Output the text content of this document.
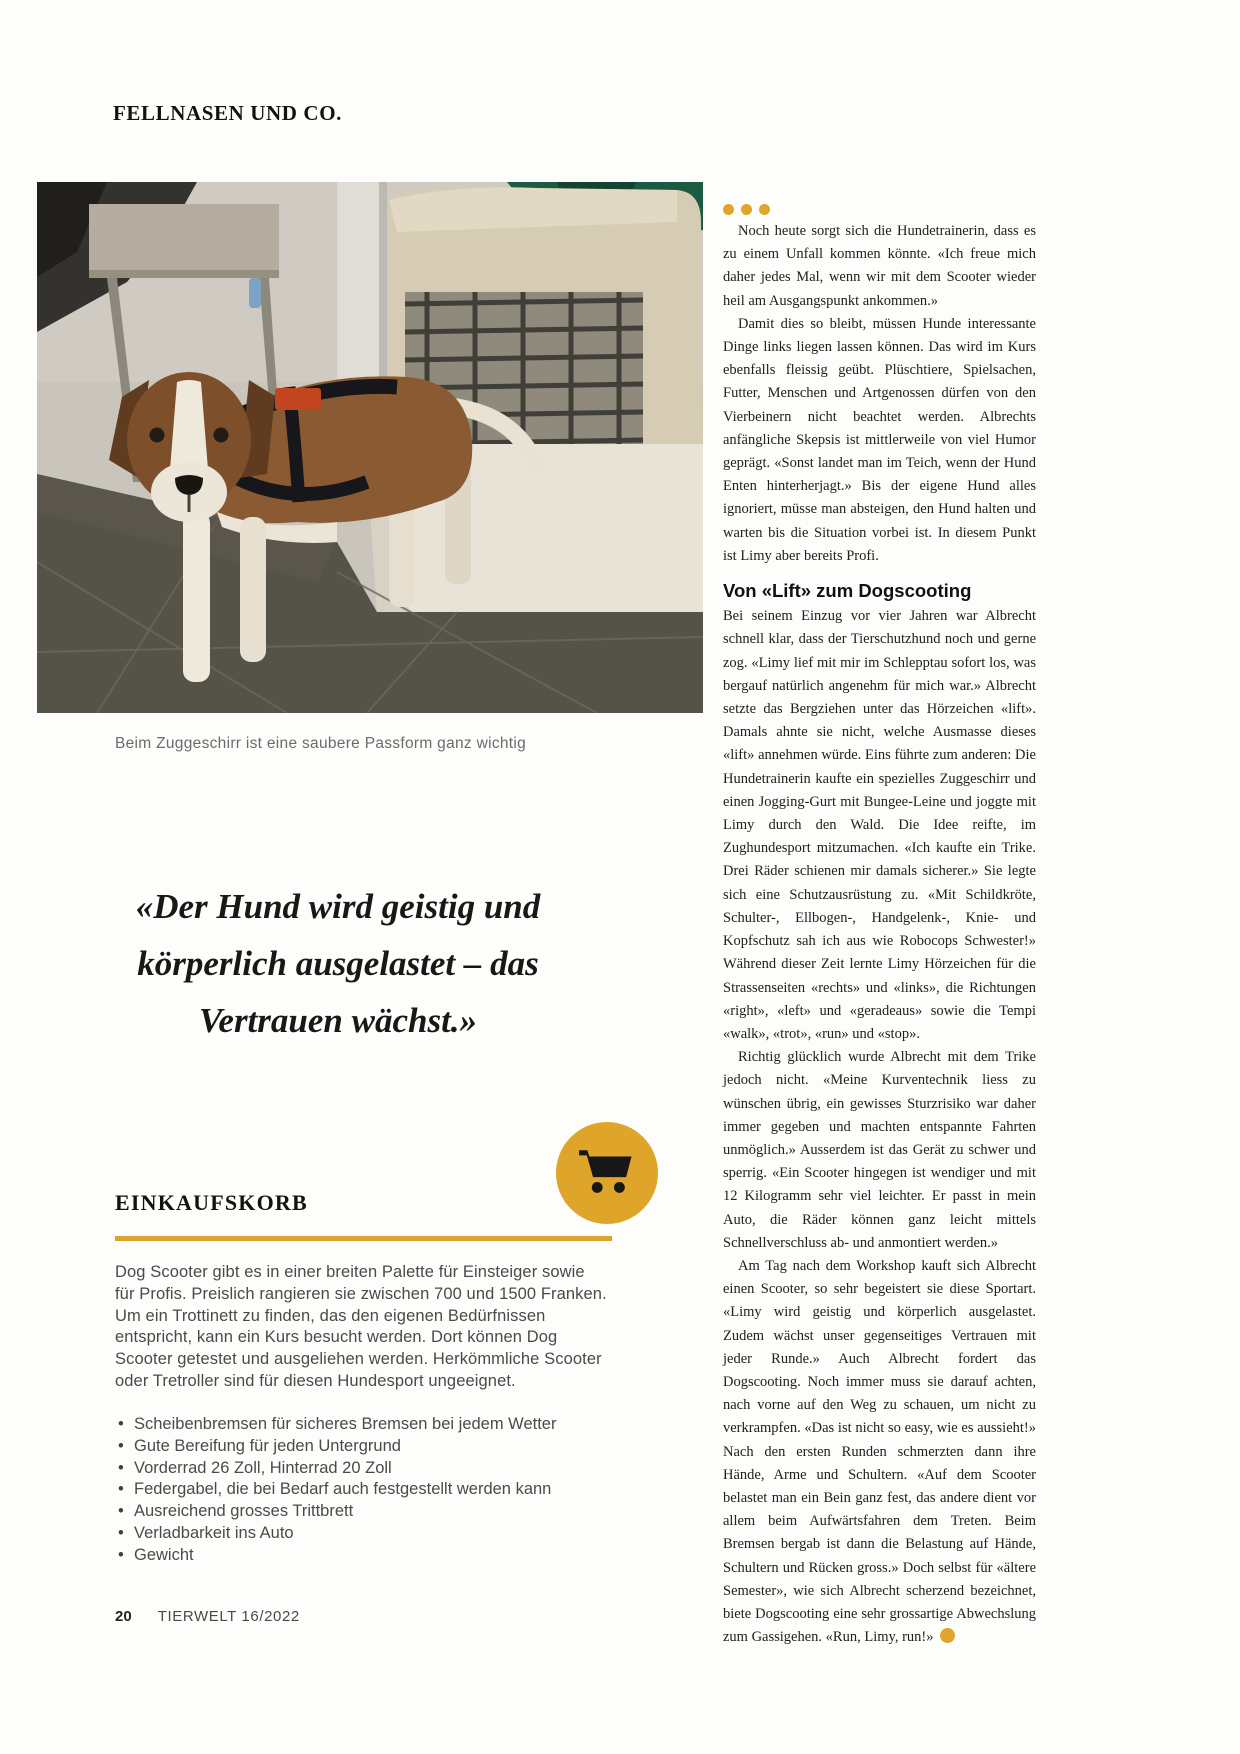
FELLNASEN UND CO.
Beim Zuggeschirr ist eine saubere Passform ganz wichtig
«Der Hund wird geistig und körperlich ausgelastet – das Vertrauen wächst.»
EINKAUFSKORB

Dog Scooter gibt es in einer breiten Palette für Einsteiger sowie für Profis. Preislich rangieren sie zwischen 700 und 1500 Franken. Um ein Trottinett zu finden, das den eigenen Bedürfnissen entspricht, kann ein Kurs besucht werden. Dort können Dog Scooter getestet und ausgeliehen werden. Herkömmliche Scooter oder Tretroller sind für diesen Hundesport ungeeignet.

• Scheibenbremsen für sicheres Bremsen bei jedem Wetter
• Gute Bereifung für jeden Untergrund
• Vorderrad 26 Zoll, Hinterrad 20 Zoll
• Federgabel, die bei Bedarf auch festgestellt werden kann
• Ausreichend grosses Trittbrett
• Verladbarkeit ins Auto
• Gewicht
20 TIERWELT 16/2022

Noch heute sorgt sich die Hundetrainerin, dass es zu einem Unfall kommen könnte. «Ich freue mich daher jedes Mal, wenn wir mit dem Scooter wieder heil am Ausgangspunkt ankommen.»

Damit dies so bleibt, müssen Hunde interessante Dinge links liegen lassen können. Das wird im Kurs ebenfalls fleissig geübt. Plüschtiere, Spielsachen, Futter, Menschen und Artgenossen dürfen von den Vierbeinern nicht beachtet werden. Albrechts anfängliche Skepsis ist mittlerweile von viel Humor geprägt. «Sonst landet man im Teich, wenn der Hund Enten hinterherjagt.» Bis der eigene Hund alles ignoriert, müsse man absteigen, den Hund halten und warten bis die Situation vorbei ist. In diesem Punkt ist Limy aber bereits Profi.

Von «Lift» zum Dogscooting

Bei seinem Einzug vor vier Jahren war Albrecht schnell klar, dass der Tierschutzhund noch und gerne zog. «Limy lief mit mir im Schlepptau sofort los, was bergauf natürlich angenehm für mich war.» Albrecht setzte das Bergziehen unter das Hörzeichen «lift». Damals ahnte sie nicht, welche Ausmasse dieses «lift» annehmen würde. Eins führte zum anderen: Die Hundetrainerin kaufte ein spezielles Zuggeschirr und einen Jogging-Gurt mit Bungee-Leine und joggte mit Limy durch den Wald. Die Idee reifte, im Zughundesport mitzumachen. «Ich kaufte ein Trike. Drei Räder schienen mir damals sicherer.» Sie legte sich eine Schutzausrüstung zu. «Mit Schildkröte, Schulter-, Ellbogen-, Handgelenk-, Knie- und Kopfschutz sah ich aus wie Robocops Schwester!» Während dieser Zeit lernte Limy Hörzeichen für die Strassenseiten «rechts» und «links», die Richtungen «right», «left» und «geradeaus» sowie die Tempi «walk», «trot», «run» und «stop».

Richtig glücklich wurde Albrecht mit dem Trike jedoch nicht. «Meine Kurventechnik liess zu wünschen übrig, ein gewisses Sturzrisiko war daher immer gegeben und machten entspannte Fahrten unmöglich.» Ausserdem ist das Gerät zu schwer und sperrig. «Ein Scooter hingegen ist wendiger und mit 12 Kilogramm sehr viel leichter. Er passt in mein Auto, die Räder können ganz leicht mittels Schnellverschluss ab- und anmontiert werden.»

Am Tag nach dem Workshop kauft sich Albrecht einen Scooter, so sehr begeistert sie diese Sportart. «Limy wird geistig und körperlich ausgelastet. Zudem wächst unser gegenseitiges Vertrauen mit jeder Runde.» Auch Albrecht fordert das Dogscooting. Noch immer muss sie darauf achten, nach vorne auf den Weg zu schauen, um nicht zu verkrampfen. «Das ist nicht so easy, wie es aussieht!» Nach den ersten Runden schmerzten dann ihre Hände, Arme und Schultern. «Auf dem Scooter belastet man ein Bein ganz fest, das andere dient vor allem beim Aufwärtsfahren dem Treten. Beim Bremsen bergab ist dann die Belastung auf Hände, Schultern und Rücken gross.» Doch selbst für «ältere Semester», wie sich Albrecht scherzend bezeichnet, biete Dogscooting eine sehr grossartige Abwechslung zum Gassigehen. «Run, Limy, run!»
